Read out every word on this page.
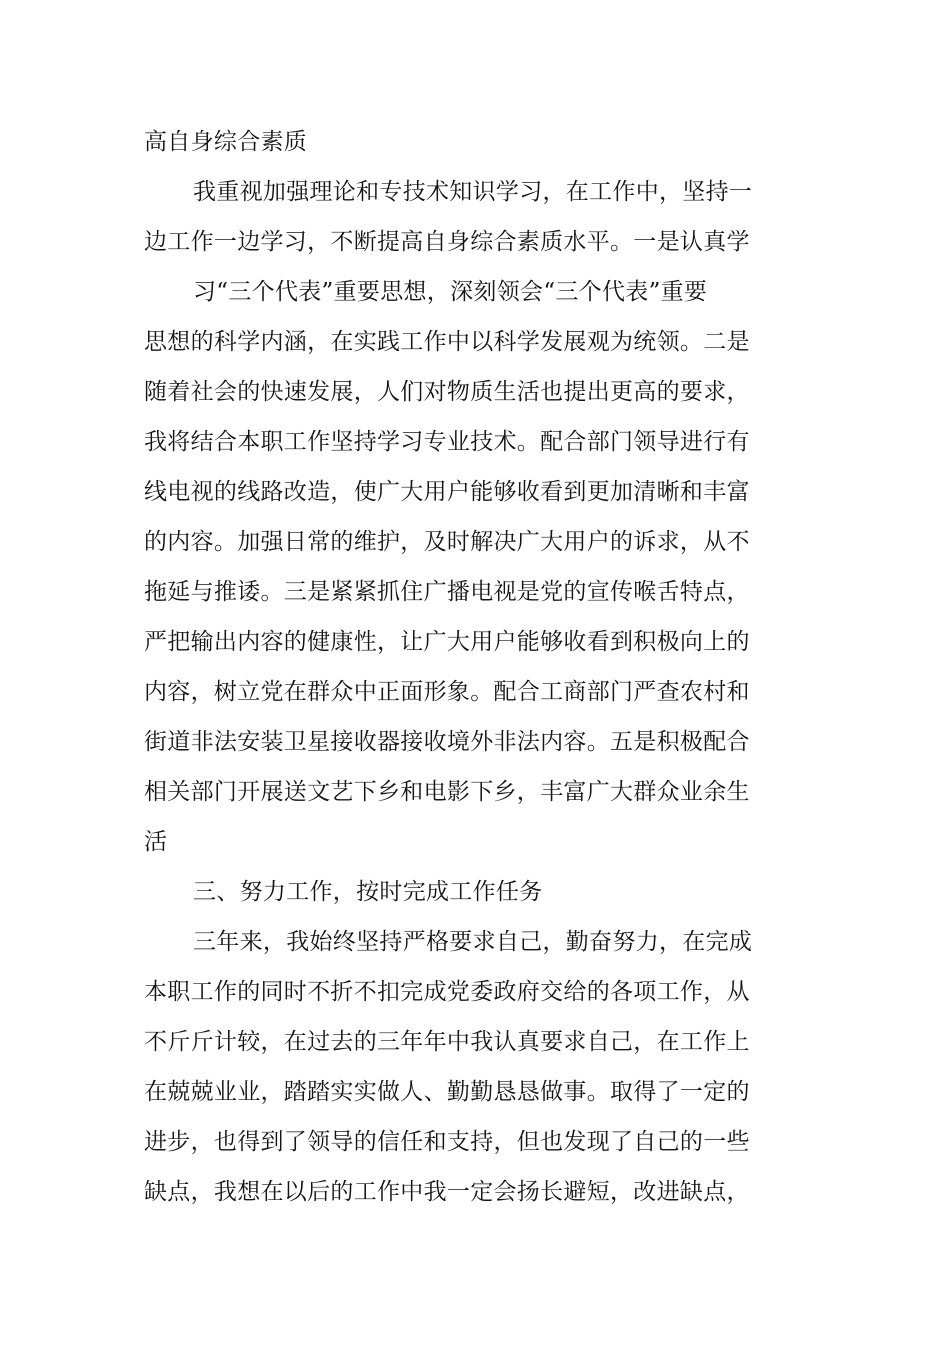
高自身综合素质
我重视加强理论和专技术知识学习，在工作中，坚持一
边工作一边学习，不断提高自身综合素质水平。一是认真学
习“三个代表”重要思想，深刻领会“三个代表”重要
思想的科学内涵，在实践工作中以科学发展观为统领。二是
随着社会的快速发展，人们对物质生活也提出更高的要求，
我将结合本职工作坚持学习专业技术。配合部门领导进行有
线电视的线路改造，使广大用户能够收看到更加清晰和丰富
的内容。加强日常的维护，及时解决广大用户的诉求，从不
拖延与推诿。三是紧紧抓住广播电视是党的宣传喉舌特点，
严把输出内容的健康性，让广大用户能够收看到积极向上的
内容，树立党在群众中正面形象。配合工商部门严查农村和
街道非法安装卫星接收器接收境外非法内容。五是积极配合
相关部门开展送文艺下乡和电影下乡，丰富广大群众业余生
活
三、努力工作，按时完成工作任务
三年来，我始终坚持严格要求自己，勤奋努力，在完成
本职工作的同时不折不扣完成党委政府交给的各项工作，从
不斤斤计较，在过去的三年年中我认真要求自己，在工作上
在兢兢业业，踏踏实实做人、勤勤恳恳做事。取得了一定的
进步，也得到了领导的信任和支持，但也发现了自己的一些
缺点，我想在以后的工作中我一定会扬长避短，改进缺点，
